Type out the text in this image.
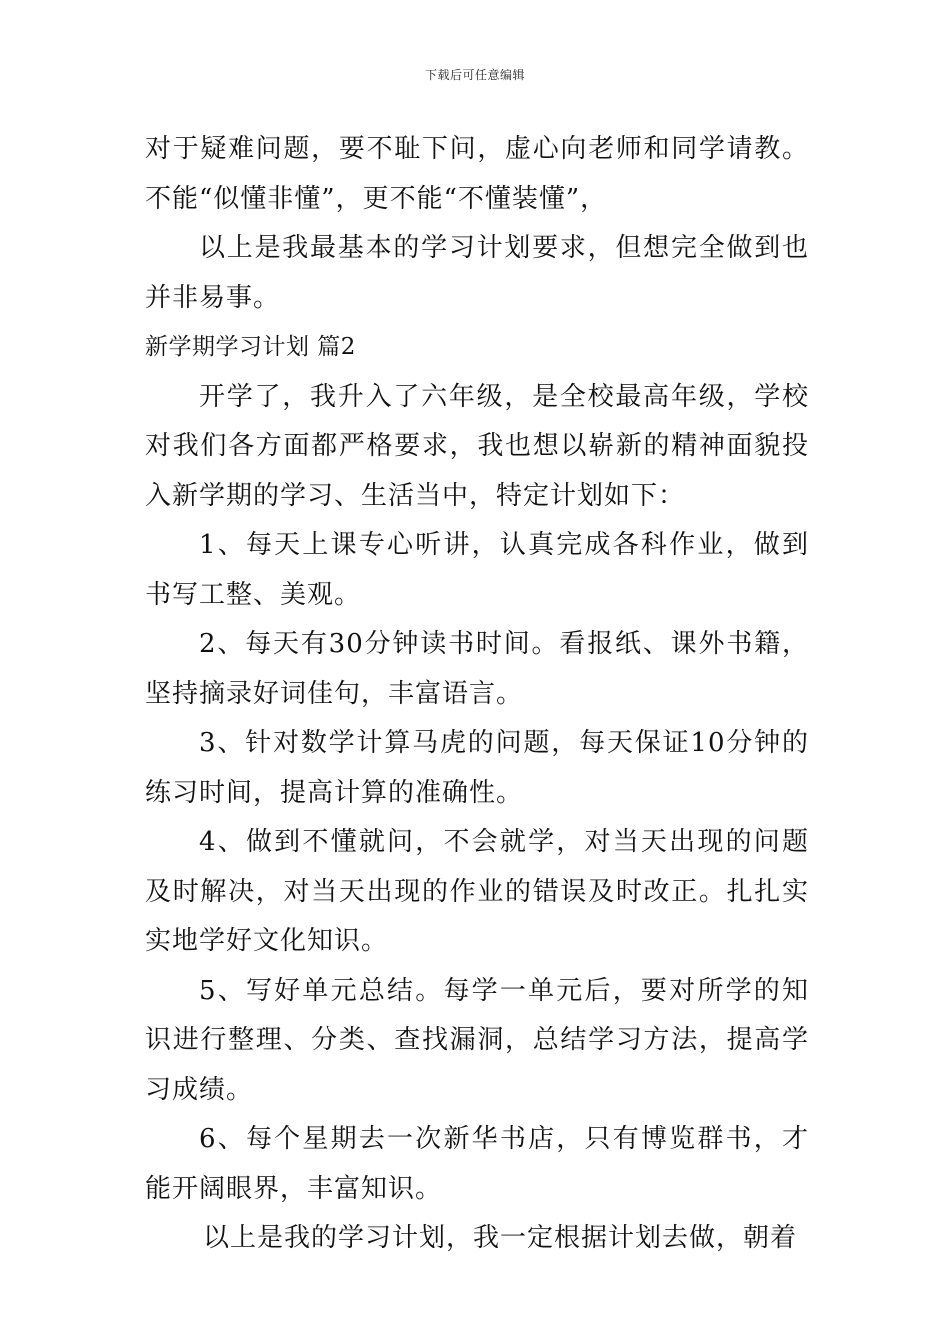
下载后可任意编辑

对于疑难问题，要不耻下问，虚心向老师和同学请教。不能“似懂非懂”，更不能“不懂装懂”，

以上是我最基本的学习计划要求，但想完全做到也并非易事。

新学期学习计划 篇2

开学了，我升入了六年级，是全校最高年级，学校对我们各方面都严格要求，我也想以崭新的精神面貌投入新学期的学习、生活当中，特定计划如下：

1、每天上课专心听讲，认真完成各科作业，做到书写工整、美观。

2、每天有30分钟读书时间。看报纸、课外书籍，坚持摘录好词佳句，丰富语言。

3、针对数学计算马虎的问题，每天保证10分钟的练习时间，提高计算的准确性。

4、做到不懂就问，不会就学，对当天出现的问题及时解决，对当天出现的作业的错误及时改正。扎扎实实地学好文化知识。

5、写好单元总结。每学一单元后，要对所学的知识进行整理、分类、查找漏洞，总结学习方法，提高学习成绩。

6、每个星期去一次新华书店，只有博览群书，才能开阔眼界，丰富知识。

以上是我的学习计划，我一定根据计划去做，朝着
